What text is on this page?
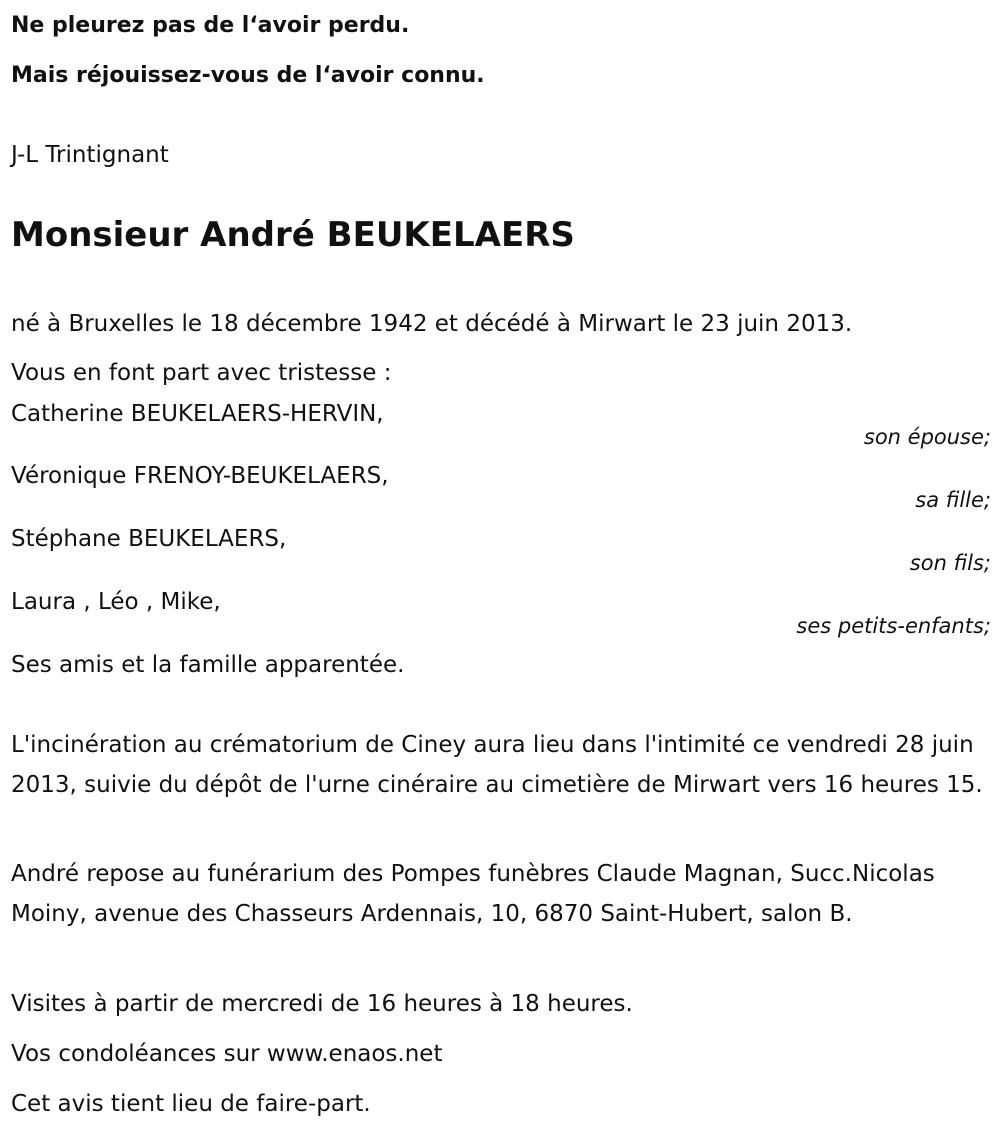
Ne pleurez pas de l‘avoir perdu.

Mais réjouissez-vous de l‘avoir connu.

J-L Trintignant
Monsieur André BEUKELAERS
né à Bruxelles le 18 décembre 1942 et décédé à Mirwart le 23 juin 2013.
Vous en font part avec tristesse :
Catherine BEUKELAERS-HERVIN,
son épouse;
Véronique FRENOY-BEUKELAERS,
sa fille;
Stéphane BEUKELAERS,
son fils;
Laura , Léo , Mike,
ses petits-enfants;
Ses amis et la famille apparentée.
L'incinération au crématorium de Ciney aura lieu dans l'intimité ce vendredi 28 juin 2013, suivie du dépôt de l'urne cinéraire au cimetière de Mirwart vers 16 heures 15.
André repose au funérarium des Pompes funèbres Claude Magnan, Succ.Nicolas Moiny, avenue des Chasseurs Ardennais, 10, 6870 Saint-Hubert, salon B.
Visites à partir de mercredi de 16 heures à 18 heures.
Vos condoléances sur www.enaos.net
Cet avis tient lieu de faire-part.
